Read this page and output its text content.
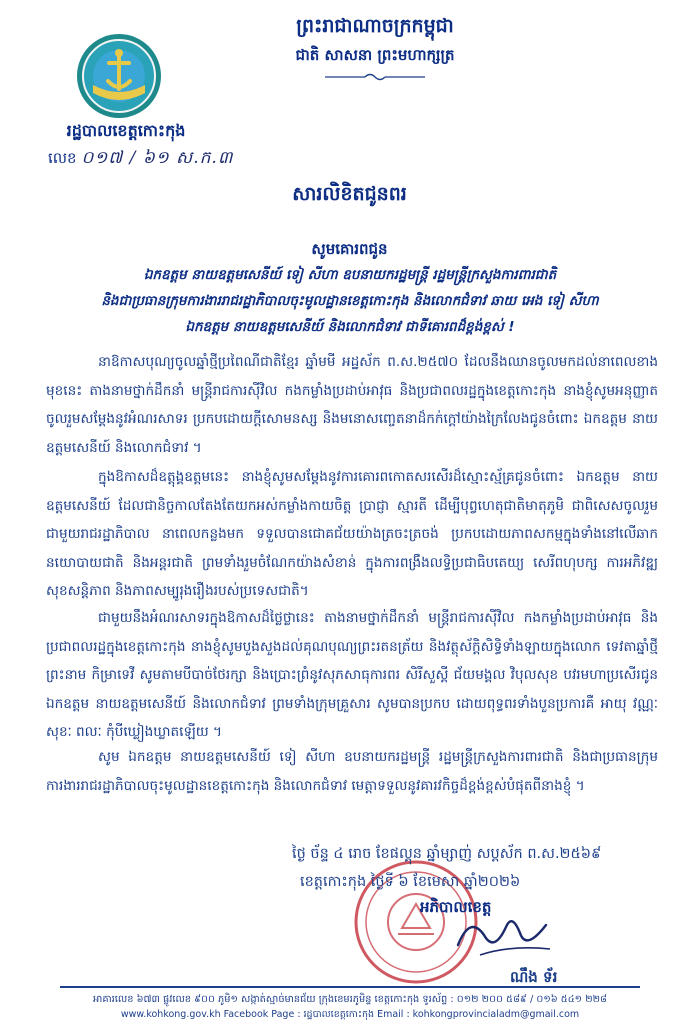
រដ្ឋបាលខេត្តកោះកុង
លេខ ០១៧ / ៦១ ស.ក.៣
ព្រះរាជាណាចក្រកម្ពុជា
ជាតិ សាសនា ព្រះមហាក្សត្រ
សារលិខិតជូនពរ
សូមគោរពជូន
ឯកឧត្តម នាយឧត្តមសេនីយ៍ ទៀ សីហា ឧបនាយករដ្ឋមន្ត្រី រដ្ឋមន្ត្រីក្រសួងការពារជាតិ
និងជាប្រធានក្រុមការងាររាជរដ្ឋាភិបាលចុះមូលដ្ឋានខេត្តកោះកុង និងលោកជំទាវ ឆាយ អេង ទៀ សីហា
ឯកឧត្តម នាយឧត្តមសេនីយ៍ និងលោកជំទាវ ជាទីគោរពដ៏ខ្ពង់ខ្ពស់ !
នាឱកាសបុណ្យចូលឆ្នាំថ្មីប្រពៃណីជាតិខ្មែរ ឆ្នាំមមី អដ្ឋស័ក ព.ស.២៥៧០ ដែលនឹងឈានចូលមកដល់នាពេលខាងមុខនេះ តាងនាមថ្នាក់ដឹកនាំ មន្ត្រីរាជការស៊ីវិល កងកម្លាំងប្រដាប់អាវុធ និងប្រជាពលរដ្ឋក្នុងខេត្តកោះកុង នាងខ្ញុំសូមអនុញ្ញាតចូលរួមសម្តែងនូវអំណរសាទរ ប្រកបដោយក្តីសោមនស្ស និងមនោសញ្ចេតនាដ៏កក់ក្តៅយ៉ាងក្រៃលែងជូនចំពោះ ឯកឧត្តម នាយឧត្តមសេនីយ៍ និងលោកជំទាវ ។
ក្នុងឱកាសដ៏ឧត្តុង្គឧត្តមនេះ នាងខ្ញុំសូមសម្តែងនូវការគោរពកោតសរសើរដ៏ស្មោះស្ម័គ្រជូនចំពោះ ឯកឧត្តម នាយឧត្តមសេនីយ៍ ដែលជានិច្ចកាលតែងតែយកអស់កម្លាំងកាយចិត្ត ប្រាជ្ញា ស្មារតី ដើម្បីបុព្វហេតុជាតិមាតុភូមិ ជាពិសេសចូលរួមជាមួយរាជរដ្ឋាភិបាល នាពេលកន្លងមក ទទួលបានជោគជ័យយ៉ាងត្រចះត្រចង់ ប្រកបដោយភាពសកម្មក្នុងទាំងនៅលើឆាកនយោបាយជាតិ និងអន្តរជាតិ ព្រមទាំងរួមចំណែកយ៉ាងសំខាន់ ក្នុងការពង្រឹងលទ្ធិប្រជាធិបតេយ្យ សេរីពហុបក្ស ការអភិវឌ្ឍ សុខសន្តិភាព និងភាពសម្បូរុងរឿងរបស់ប្រទេសជាតិ។
ជាមួយនឹងអំណរសាទរក្នុងឱកាសដ៏ថ្លៃថ្លានេះ តាងនាមថ្នាក់ដឹកនាំ មន្ត្រីរាជការស៊ីវិល កងកម្លាំងប្រដាប់អាវុធ និងប្រជាពលរដ្ឋក្នុងខេត្តកោះកុង នាងខ្ញុំសូមបួងសួងដល់គុណបុណ្យព្រះរតនត្រ័យ និងវត្ថុស័ក្តិសិទ្ធិទាំងឡាយក្នុងលោក ទេវតាឆ្នាំថ្មី ព្រះនាម កិម្រាទេវី សូមតាមបីបាច់ថែរក្សា និងប្រោះព្រំនូវសុភសាធុការពរ សិរីសួស្តី ជ័យមង្គល វិបុលសុខ បវរមហាប្រសើរជូន ឯកឧត្តម នាយឧត្តមសេនីយ៍ និងលោកជំទាវ ព្រមទាំងក្រុមគ្រួសារ សូមបានប្រកប ដោយពុទ្ធពរទាំងបួនប្រការគឺ អាយុ វណ្ណៈ សុខៈ ពលៈ កុំបីឃ្លៀងឃ្លាតឡើយ ។
សូម ឯកឧត្តម នាយឧត្តមសេនីយ៍ ទៀ សីហា ឧបនាយករដ្ឋមន្ត្រី រដ្ឋមន្ត្រីក្រសួងការពារជាតិ និងជាប្រធានក្រុមការងាររាជរដ្ឋាភិបាលចុះមូលដ្ឋានខេត្តកោះកុង និងលោកជំទាវ មេត្តាទទួលនូវគារវកិច្ចដ៏ខ្ពង់ខ្ពស់បំផុតពីនាងខ្ញុំ ។
ថ្ងៃ ច័ន្ទ ៤ រោច ខែផល្គុន ឆ្នាំម្សាញ់ សប្តស័ក ព.ស.២៥៦៩
ខេត្តកោះកុង ថ្ងៃទី ៦ ខែមេសា ឆ្នាំ២០២៦
អភិបាលខេត្ត
ណឹង ទ័រ
អាគារលេខ ៦៧៣ ផ្លូវលេខ ៩០០ ភូមិ១ សង្កាត់ស្មាច់មានជ័យ ក្រុងខេមរភូមិន្ទ ខេត្តកោះកុង ទូរស័ព្ទ : ០១២ ២០០ ៥៨៩ / ០១៦ ៥៤១ ២២៨
www.kohkong.gov.kh Facebook Page : រដ្ឋបាលខេត្តកោះកុង Email : kohkongprovincialadm@gmail.com
